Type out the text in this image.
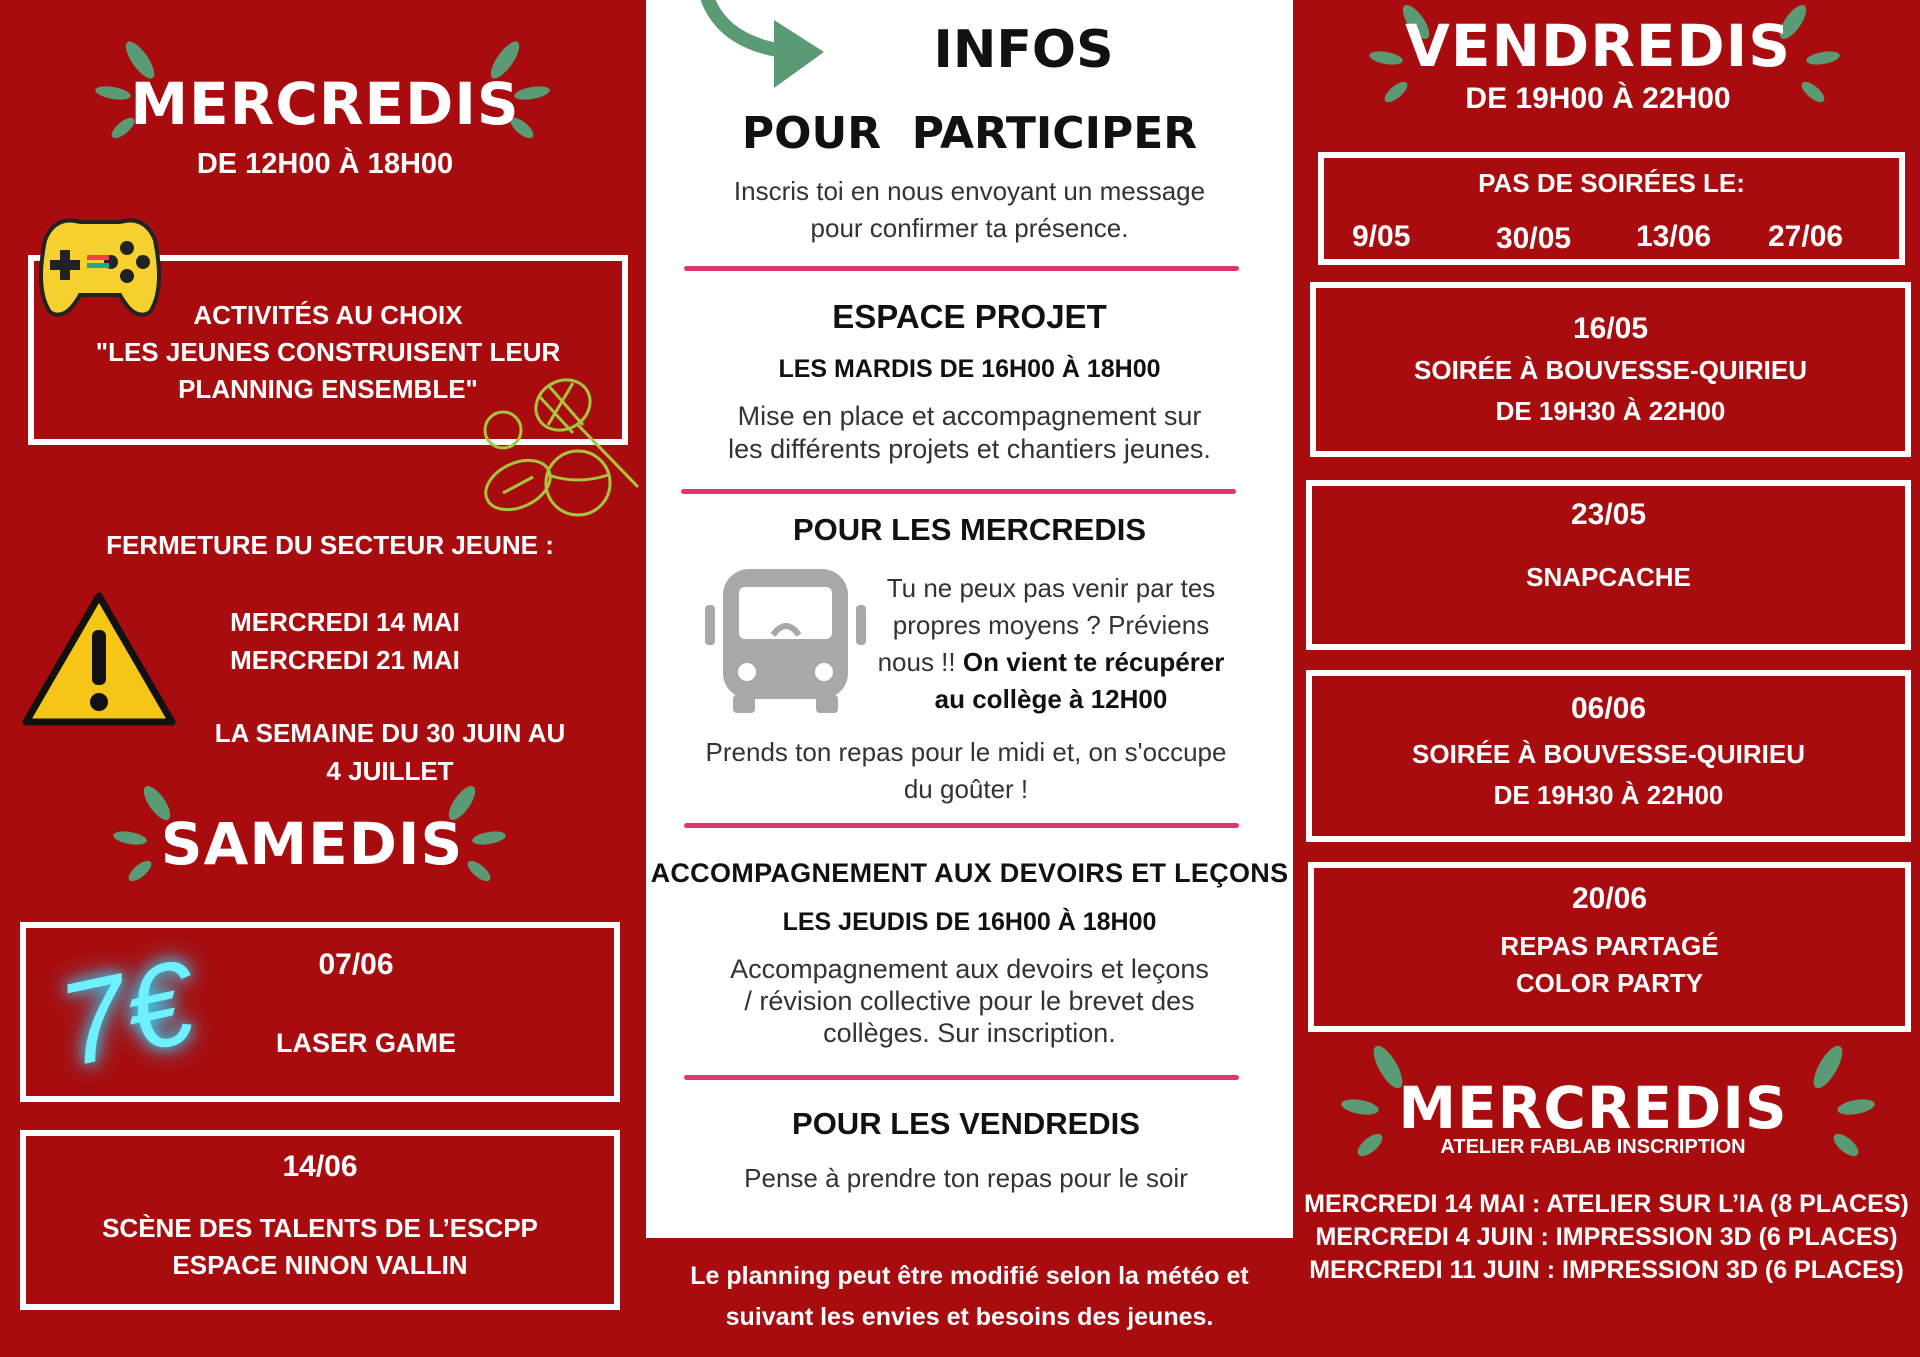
MERCREDIS
DE 12H00 À 18H00
ACTIVITÉS AU CHOIX
"LES JEUNES CONSTRUISENT LEUR
PLANNING ENSEMBLE"
FERMETURE DU SECTEUR JEUNE :
MERCREDI 14 MAI
MERCREDI 21 MAI
LA SEMAINE DU 30 JUIN AU
4 JUILLET
SAMEDIS
07/06
LASER GAME
7€
14/06
SCÈNE DES TALENTS DE L’ESCPP
ESPACE NINON VALLIN
INFOS
POUR  PARTICIPER
Inscris toi en nous envoyant un message
pour confirmer ta présence.
ESPACE PROJET
LES MARDIS DE 16H00 À 18H00
Mise en place et accompagnement sur
les différents projets et chantiers jeunes.
POUR LES MERCREDIS
Tu ne peux pas venir par tes
propres moyens ? Préviens
nous !! On vient te récupérer
au collège à 12H00
Prends ton repas pour le midi et, on s'occupe
du goûter !
ACCOMPAGNEMENT AUX DEVOIRS ET LEÇONS
LES JEUDIS DE 16H00 À 18H00
Accompagnement aux devoirs et leçons
/ révision collective pour le brevet des
collèges. Sur inscription.
POUR LES VENDREDIS
Pense à prendre ton repas pour le soir
Le planning peut être modifié selon la météo et
suivant les envies et besoins des jeunes.
VENDREDIS
DE 19H00 À 22H00
PAS DE SOIRÉES LE:
9/05	30/05 13/06 27/06
16/05
SOIRÉE À BOUVESSE-QUIRIEU
DE 19H30 À 22H00
23/05
SNAPCACHE
06/06
SOIRÉE À BOUVESSE-QUIRIEU
DE 19H30 À 22H00
20/06
REPAS PARTAGÉ
COLOR PARTY
MERCREDIS
ATELIER FABLAB INSCRIPTION
MERCREDI 14 MAI : ATELIER SUR L’IA (8 PLACES)
MERCREDI 4 JUIN : IMPRESSION 3D (6 PLACES)
MERCREDI 11 JUIN : IMPRESSION 3D (6 PLACES)
